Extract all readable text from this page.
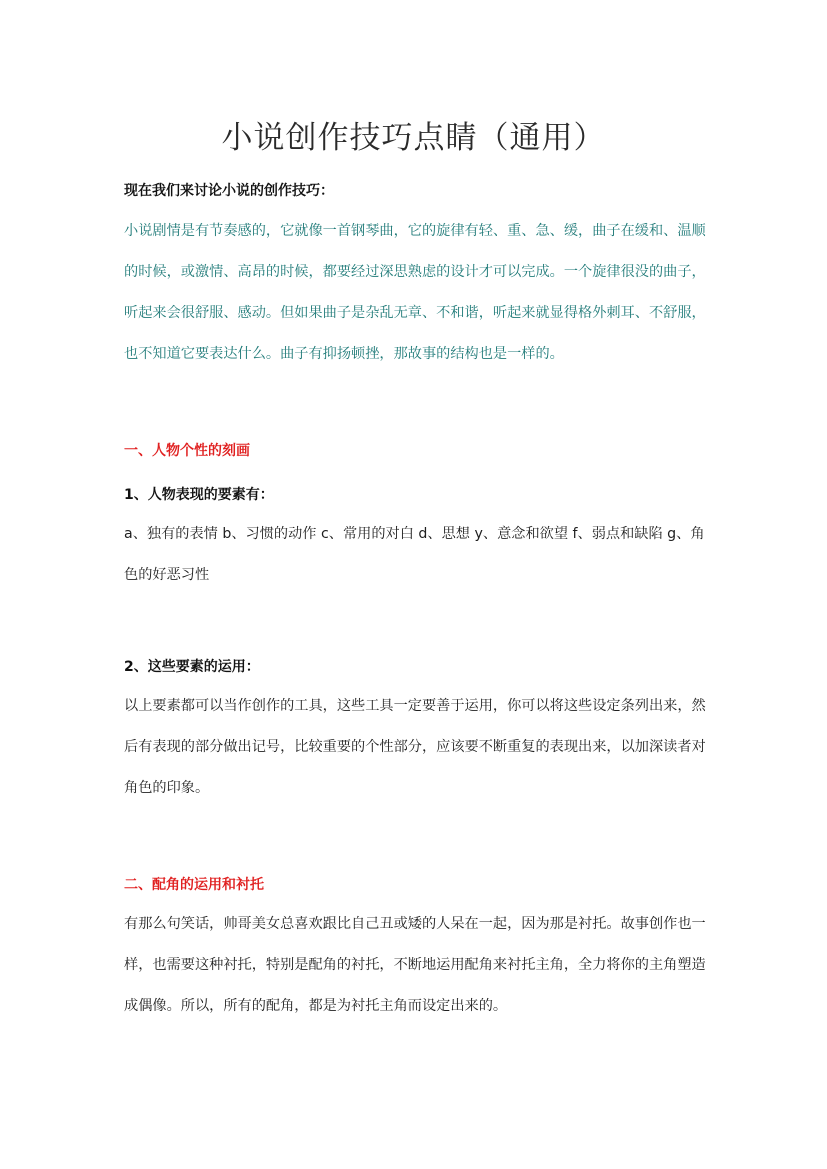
小说创作技巧点睛（通用）
现在我们来讨论小说的创作技巧：
小说剧情是有节奏感的，它就像一首钢琴曲，它的旋律有轻、重、急、缓，曲子在缓和、温顺的时候，或激情、高昂的时候，都要经过深思熟虑的设计才可以完成。一个旋律很没的曲子，听起来会很舒服、感动。但如果曲子是杂乱无章、不和谐，听起来就显得格外刺耳、不舒服，也不知道它要表达什么。曲子有抑扬顿挫，那故事的结构也是一样的。
一、人物个性的刻画
1、人物表现的要素有：
a、独有的表情 b、习惯的动作 c、常用的对白 d、思想 y、意念和欲望 f、弱点和缺陷 g、角色的好恶习性
2、这些要素的运用：
以上要素都可以当作创作的工具，这些工具一定要善于运用，你可以将这些设定条列出来，然后有表现的部分做出记号，比较重要的个性部分，应该要不断重复的表现出来，以加深读者对角色的印象。
二、配角的运用和衬托
有那么句笑话，帅哥美女总喜欢跟比自己丑或矮的人呆在一起，因为那是衬托。故事创作也一样，也需要这种衬托，特别是配角的衬托，不断地运用配角来衬托主角，全力将你的主角塑造成偶像。所以，所有的配角，都是为衬托主角而设定出来的。
